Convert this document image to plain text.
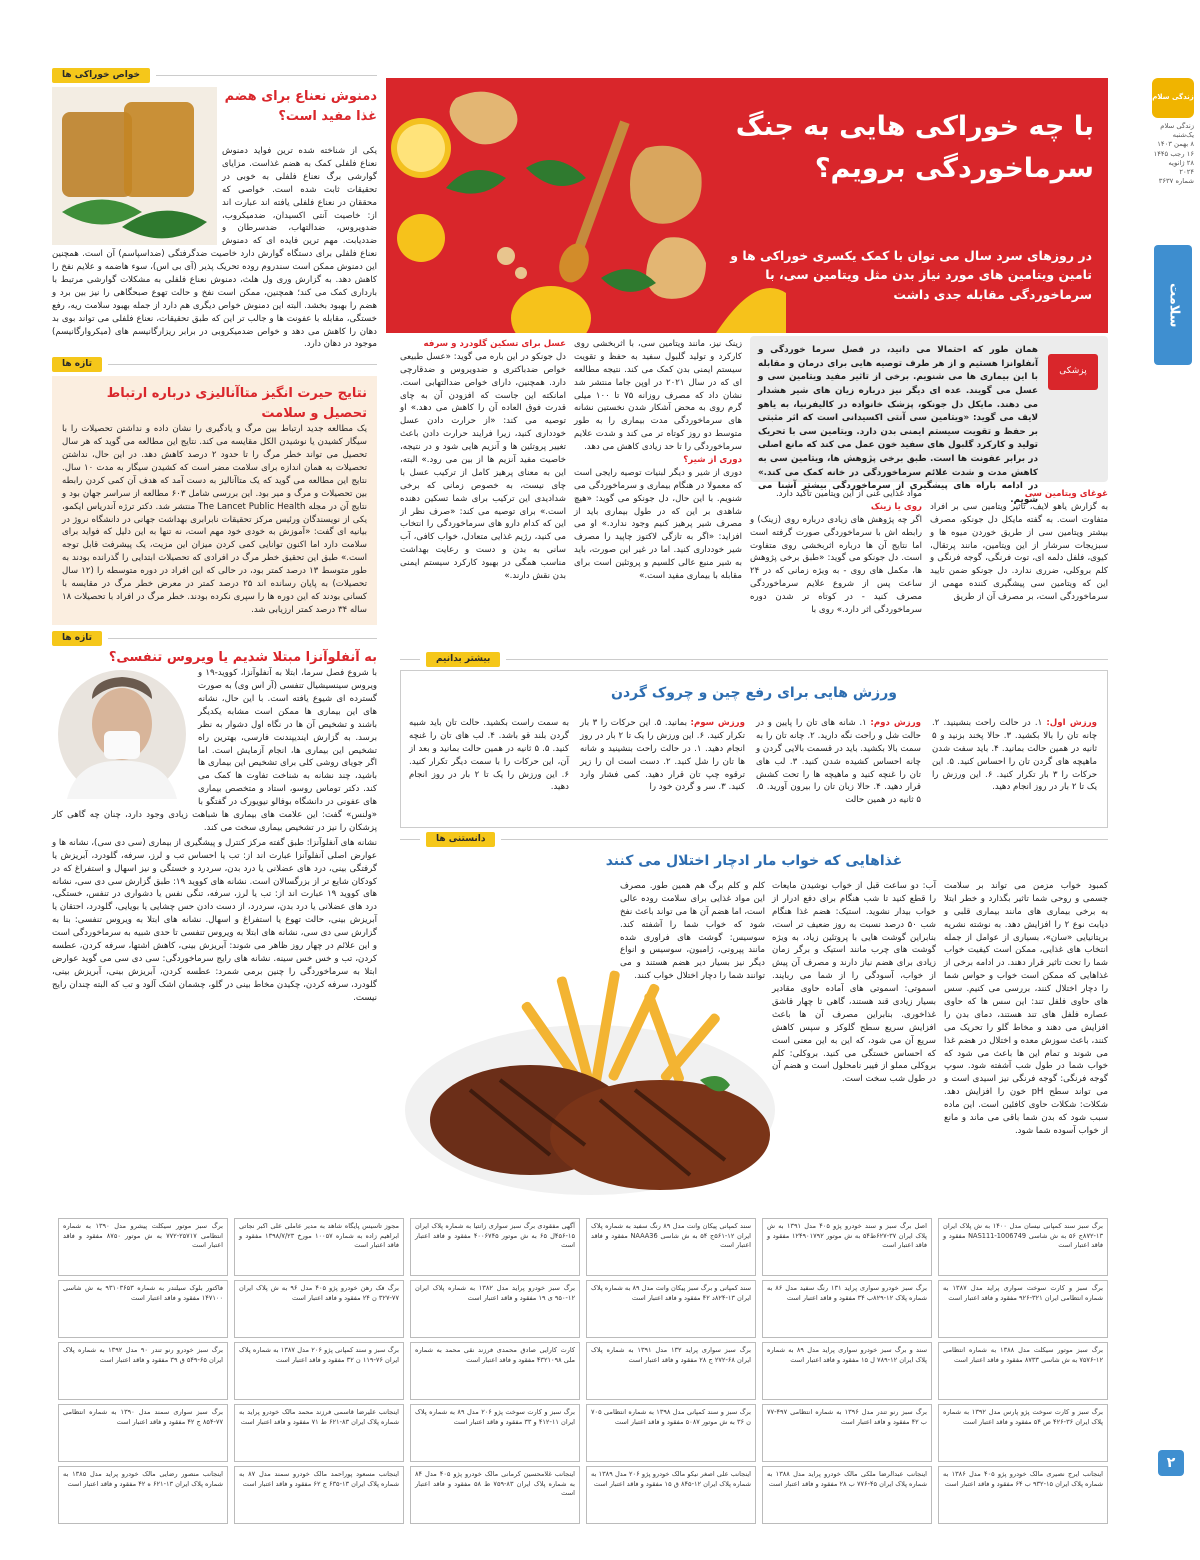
زندگی سلام
زندگی سلام
یک‌شنبه
۸ بهمن ۱۴۰۳
۱۶ رجب ۱۴۴۵
۲۸ ژانویه ۲۰۲۴
شماره ۳۶۳۷
سلامت
۲
با چه خوراکی هایی به جنگ سرماخوردگی برویم؟
در روزهای سرد سال می توان با کمک یکسری خوراکی ها و تامین ویتامین های مورد نیاز بدن مثل ویتامین سی، با سرماخوردگی مقابله جدی داشت
پزشکی

همان طور که احتمالا می دانید، در فصل سرما خوردگی و آنفلوانزا هستیم و از هر طرف توصیه هایی برای درمان و مقابله با این بیماری ها می شنویم. برخی از تاثیر مفید ویتامین سی و عسل می گویند. عده ای دیگر نیز درباره زیان های شیر هشدار می دهند. مایکل دل جونکو، پزشک خانواده در کالیفرنیا، به یاهو لایف می گوید: «ویتامین سی آنتی اکسیدانی است که اثر مثبتی بر حفظ و تقویت سیستم ایمنی بدن دارد. ویتامین سی با تحریک تولید و کارکرد گلبول های سفید خون عمل می کند که مانع اصلی در برابر عفونت ها است. طبق برخی پژوهش ها، ویتامین سی به کاهش مدت و شدت علائم سرماخوردگی در خانه کمک می کند.» در ادامه باراه های پیشگیری از سرماخوردگی بیشتر آشنا می شویم.

غوغای ویتامین سی
به گزارش یاهو لایف، تاثیر ویتامین سی بر افراد متفاوت است. به گفته مایکل دل جونکو، مصرف بیشتر ویتامین سی از طریق خوردن میوه ها و سبزیجات سرشار از این ویتامین، مانند پرتقال، کیوی، فلفل دلمه ای، توت فرنگی، گوجه فرنگی و کلم بروکلی، ضرری ندارد. دل جونکو ضمن تایید این که ویتامین سی پیشگیری کننده مهمی از سرماخوردگی است، بر مصرف آن از طریق
مواد غذایی غنی از این ویتامین تاکید دارد.
روی یا زینک
اگر چه پژوهش های زیادی درباره روی (زینک) و رابطه اش با سرماخوردگی صورت گرفته است اما نتایج آن ها درباره اثربخشی روی متفاوت است. دل جونکو می گوید: «طبق برخی پژوهش ها، مکمل های روی - به ویژه زمانی که در ۲۴ ساعت پس از شروع علایم سرماخوردگی مصرف کنید - در کوتاه تر شدن دوره سرماخوردگی اثر دارد.» روی با
زینک نیز، مانند ویتامین سی، با اثربخشی روی کارکرد و تولید گلبول سفید به حفظ و تقویت سیستم ایمنی بدن کمک می کند. نتیجه مطالعه ای که در سال ۲۰۲۱ در اوپن جاما منتشر شد نشان داد که مصرف روزانه ۷۵ تا ۱۰۰ میلی گرم روی به محض آشکار شدن نخستین نشانه های سرماخوردگی مدت بیماری را به طور متوسط دو روز کوتاه تر می کند و شدت علایم سرماخوردگی را تا حد زیادی کاهش می دهد.
دوری از شیر؟
دوری از شیر و دیگر لبنیات توصیه رایجی است که معمولا در هنگام بیماری و سرماخوردگی می شنویم. با این حال، دل جونکو می گوید: «هیچ شاهدی بر این که در طول بیماری باید از مصرف شیر پرهیز کنیم وجود ندارد.» او می افزاید: «اگر به تازگی لاکتوز چاپید را مصرف شیر خودداری کنید. اما در غیر این صورت، باید به شیر منبع عالی کلسیم و پروتئین است برای مقابله با بیماری مفید است.»
عسل برای تسکین گلودرد و سرفه
دل جونکو در این باره می گوید: «عسل طبیعی خواص ضدباکتری و ضدویروس و ضدقارچی دارد. همچنین، دارای خواص ضدالتهابی است. امانکته این جاست که افزودن آن به چای قدرت فوق العاده آن را کاهش می دهد.» او توصیه می کند: «از حرارت دادن عسل خودداری کنید، زیرا فرایند حرارت دادن باعث تغییر پروتئین ها و آنزیم هایی شود و در نتیجه، خاصیت مفید آنزیم ها از بین می رود.» البته، این به معنای پرهیز کامل از ترکیب عسل با چای نیست، به خصوص زمانی که برخی شدادیدی این ترکیب برای شما تسکین دهنده است.» برای توصیه می کند: «صرف نظر از این که کدام دارو های سرماخوردگی را انتخاب می کنید، رژیم غذایی متعادل، خواب کافی، آب سانی به بدن و دست و رعایت بهداشت مناسب همگی در بهبود کارکرد سیستم ایمنی بدن نقش دارند.»
خواص خوراکی ها
دمنوش نعناع برای هضم غذا مفید است؟
یکی از شناخته شده ترین فواید دمنوش نعناع فلفلی کمک به هضم غذاست. مزایای گوارشی برگ نعناع فلفلی به خوبی در تحقیقات ثابت شده است. خواصی که محققان در نعناع فلفلی یافته اند عبارت اند از: خاصیت آنتی اکسیدان، ضدمیکروب، ضدویروس، ضدالتهاب، ضدسرطان و ضددیابت. مهم ترین فایده ای که دمنوش نعناع فلفلی برای دستگاه گوارش دارد خاصیت ضدگرفتگی (ضداسپاسم) آن است. همچنین این دمنوش ممکن است سندروم روده تحریک پذیر (آی بی اس)، سوء هاضمه و علایم نفخ را کاهش دهد. به گزارش وری ول هلث، دمنوش نعناع فلفلی به مشکلات گوارشی مرتبط با بارداری کمک می کند؛ همچنین، ممکن است نفخ و حالت تهوع صبحگاهی را نیز بین برد و هضم را بهبود بخشد. البته این دمنوش خواص دیگری هم دارد از جمله بهبود سلامت ریه، رفع خستگی، مقابله با عفونت ها و جالب تر این که طبق تحقیقات، نعناع فلفلی می تواند بوی بد دهان را کاهش می دهد و خواص ضدمیکروبی در برابر ریزارگانیسم های (میکروارگانیسم) موجود در دهان دارد.
تازه ها
نتایج حیرت انگیز متاآنالیزی درباره ارتباط تحصیل و سلامت
یک مطالعه جدید ارتباط بین مرگ و یادگیری را نشان داده و نداشتن تحصیلات را با سیگار کشیدن یا نوشیدن الکل مقایسه می کند. نتایج این مطالعه می گوید که هر سال تحصیل می تواند خطر مرگ را تا حدود ۲ درصد کاهش دهد. در این حال، نداشتن تحصیلات به همان اندازه برای سلامت مضر است که کشیدن سیگار به مدت ۱۰ سال. نتایج این مطالعه می گوید که یک متاآنالیز به دست آمد که هدف آن کمی کردن رابطه بین تحصیلات و مرگ و میر بود. این بررسی شامل ۶۰۳ مطالعه از سراسر جهان بود و نتایج آن در مجله The Lancet Public Health منتشر شد. دکتر ترژه آندریاس ایکمو، یکی از نویسندگان ورئیس مرکز تحقیقات نابرابری بهداشت جهانی در دانشگاه نروژ در بیانیه ای گفت: «آموزش به خودی خود مهم است، نه تنها به این دلیل که فواید برای سلامت دارد اما اکنون توانایی کمی کردن میزان این مزیت، یک پیشرفت قابل توجه است.» طبق این تحقیق خطر مرگ در افرادی که تحصیلات ابتدایی را گذرانده بودند به طور متوسط ۱۳ درصد کمتر بود، در حالی که این افراد در دوره متوسطه را (۱۲ سال تحصیلات) به پایان رسانده اند ۲۵ درصد کمتر در معرض خطر مرگ در مقایسه با کسانی بودند که این دوره ها را سپری نکرده بودند. خطر مرگ در افراد با تحصیلات ۱۸ ساله ۳۴ درصد کمتر ارزیابی شد.
تازه ها
به آنفلوآنزا مبتلا شدیم یا ویروس تنفسی؟
با شروع فصل سرما، ابتلا به آنفلوآنزا، کووید-۱۹ و ویروس سینسیشیال تنفسی (آر اس وی) به صورت گسترده ای شیوع یافته است. با این حال، نشانه های این بیماری ها ممکن است مشابه یکدیگر باشند و تشخیص آن ها در نگاه اول دشوار به نظر برسد. به گزارش ایندیپندنت فارسی، بهترین راه تشخیص این بیماری ها، انجام آزمایش است. اما اگر جویای روشی کلی برای تشخیص این بیماری ها باشید، چند نشانه به شناخت تفاوت ها کمک می کند. دکتر توماس روسو، استاد و متخصص بیماری های عفونی در دانشگاه بوفالو نیویورک در گفتگو با «ولنس» گفت: این علامت های بیماری ها شباهت زیادی وجود دارد، چنان چه گاهی کار پزشکان را نیز در تشخیص بیماری سخت می کند.
نشانه های آنفلوآنزا: طبق گفته مرکز کنترل و پیشگیری از بیماری (سی دی سی)، نشانه ها و عوارض اصلی آنفلوآنزا عبارت اند از: تب یا احساس تب و لرز، سرفه، گلودرد، آبریزش یا گرفتگی بینی، درد های عضلانی یا درد بدن، سردرد و خستگی و نیز اسهال و استفراغ که در کودکان شایع تر از بزرگسالان است. نشانه های کووید ۱۹: طبق گزارش سی دی سی، نشانه های کووید ۱۹ عبارت اند از: تب یا لرز، سرفه، تنگی نفس یا دشواری در تنفس، خستگی، درد های عضلانی یا درد بدن، سردرد، از دست دادن حس چشایی یا بویایی، گلودرد، احتقان یا آبریزش بینی، حالت تهوع یا استفراغ و اسهال. نشانه های ابتلا به ویروس تنفسی: بنا به گزارش سی دی سی، نشانه های ابتلا به ویروس تنفسی تا حدی شبیه به سرماخوردگی است و این علائم در چهار روز ظاهر می شوند: آبریزش بینی، کاهش اشتها، سرفه کردن، عطسه کردن، تب و خس خس سینه. نشانه های رایج سرماخوردگی: سی دی سی می گوید عوارض ابتلا به سرماخوردگی را چنین برمی شمرد: عطسه کردن، آبریزش بینی، آبریزش بینی، گلودرد، سرفه کردن، چکیدن مخاط بینی در گلو، چشمان اشک آلود و تب که البته چندان رایج نیست.
بیشتر بدانیم
ورزش هایی برای رفع چین و چروک گردن
ورزش اول: ۱. در حالت راحت بنشینید. ۲. چانه تان را بالا بکشید. ۳. حالا پخند بزنید و ۵ ثانیه در همین حالت بمانید. ۴. باید سفت شدن ماهیچه های گردن تان را احساس کنید. ۵. این حرکات را ۳ بار تکرار کنید. ۶. این ورزش را یک تا ۲ بار در روز انجام دهید.
ورزش دوم: ۱. شانه های تان را پایین و در حالت شل و راحت نگه دارید. ۲. چانه تان را به سمت بالا بکشید. باید در قسمت بالایی گردن و چانه احساس کشیده شدن کنید. ۳. لب های تان را غنچه کنید و ماهیچه ها را تحت کشش قرار دهید. ۴. حالا زبان تان را بیرون آورید. ۵. ۵ ثانیه در همین حالت
ورزش سوم: بمانید. ۵. این حرکات را ۳ بار تکرار کنید. ۶. این ورزش را یک تا ۲ بار در روز انجام دهید. ۱. در حالت راحت بنشینید و شانه ها تان را شل کنید. ۲. دست است ان را زیر ترقوه چپ تان قرار دهید. کمی فشار وارد کنید. ۳. سر و گردن خود را
به سمت راست بکشید. حالت تان باید شبیه گردن بلند قو باشد. ۴. لب های تان را غنچه کنید. ۵. ۵ ثانیه در همین حالت بمانید و بعد از آن، این حرکات را با سمت دیگر تکرار کنید. ۶. این ورزش را یک تا ۲ بار در روز انجام دهید.
دانستنی ها
غذاهایی که خواب مار ادچار اختلال می کنند
کمبود خواب مزمن می تواند بر سلامت جسمی و روحی شما تاثیر بگذارد و خطر ابتلا به برخی بیماری های مانند بیماری قلبی و دیابت نوع ۲ را افزایش دهد. به نوشته نشریه بریتانیایی «سان»، بسیاری از عوامل از جمله انتخاب های غذایی، ممکن است کیفیت خواب شما را تحت تاثیر قرار دهند. در ادامه برخی از غذاهایی که ممکن است خواب و حواس شما را دچار اختلال کنند، بررسی می کنیم. سس های حاوی فلفل تند: این سس ها که حاوی عصاره فلفل های تند هستند، دمای بدن را افزایش می دهند و مخاط گلو را تحریک می کنند، باعث سوزش معده و اختلال در هضم غذا می شوند و تمام این ها باعث می شود که خواب شما در طول شب آشفته شود. سوپ گوجه فرنگی: گوجه فرنگی نیز اسیدی است و می تواند سطح pH خون را افزایش دهد. شکلات: شکلات حاوی کافئین است. این ماده سبب شود که بدن شما باقی می ماند و مانع از خواب آسوده شما شود.
آب: دو ساعت قبل از خواب نوشیدن مایعات را قطع کنید تا شب هنگام برای دفع ادرار از خواب بیدار نشوید. استیک: هضم غذا هنگام شب ۵۰ درصد نسبت به روز ضعیف تر است، بنابراین گوشت هایی با پروتئین زیاد، به ویژه گوشت های چرب مانند استیک و برگر زمان زیادی برای هضم نیاز دارند و مصرف آن پیش از خواب، آسودگی را از شما می ربایند. اسموتی: اسموتی های آماده حاوی مقادیر بسیار زیادی قند هستند، گاهی تا چهار قاشق غذاخوری. بنابراین مصرف آن ها باعث افزایش سریع سطح گلوکز و سپس کاهش سریع آن می شود، که این به این معنی است که احساس خستگی می کنید. بروکلی: کلم بروکلی مملو از فیبر نامحلول است و هضم آن در طول شب سخت است.
کلم و کلم برگ هم همین طور. مصرف این مواد غذایی برای سلامت روده عالی است، اما هضم آن ها می تواند باعث نفخ شود که خواب شما را آشفته کند. سوسیس: گوشت های فراوری شده مانند پپرونی، ژامبون، سوسیس و انواع دیگر نیز بسیار دیر هضم هستند و می توانند شما را دچار اختلال خواب کنند.
برگ سبز سند کمپانی نیسان مدل ۱۴۰۰ به ش پلاک ایران ۱۳-۸۷۲ج ۵۶ به ش شاسی NAS111-1006749 مفقود و فاقد اعتبار است
اصل برگ سبز و سند خودرو پژو ۴۰۵ مدل ۱۳۹۱ به ش پلاک ایران ۳۷-۶۲۷ط۵۴ به ش موتور ۱۲۴۹۰۱۷۹۲ مفقود و فاقد اعتبار است
سند کمپانی پیکان وانت مدل ۸۹ رنگ سفید به شماره پلاک ایران ۱۲-۵۶۱ج ۵۴ به ش شاسی NAAA36 مفقود و فاقد اعتبار است
آگهی مفقودی برگ سبز سواری زانتیا به شماره پلاک ایران ۱۵-۴۵۶ل ۶۵ به ش موتور ۴۰۰۶۷۴۵ مفقود و فاقد اعتبار است
مجوز تاسیس پایگاه شاهد به مدیر عاملی علی اکبر نجاتی ابراهیم زاده به شماره ۱۰۰۵۷ مورخ ۱۳۹۸/۷/۲۳ مفقود و فاقد اعتبار است
برگ سبز موتور سیکلت پیشرو مدل ۱۳۹۰ به شماره انتظامی ۲۵۷۱۷-۷۷۲ به ش موتور ۸۷۵۰ مفقود و فاقد اعتبار است
برگ سبز و کارت سوخت سواری پراید مدل ۱۳۸۷ به شماره انتظامی ایران ۳۲۱-۹۲۶ مفقود و فاقد اعتبار است
برگ سبز خودرو سواری پراید ۱۳۱ رنگ سفید مدل ۸۶ به شماره پلاک ۱۲-۸۲۹ب ۳۴ مفقود و فاقد اعتبار است
سند کمپانی و برگ سبز پیکان وانت مدل ۸۹ به شماره پلاک ایران ۱۳-۸۲۴د ۴۲ مفقود و فاقد اعتبار است
برگ سبز خودرو پراید مدل ۱۳۸۲ به شماره پلاک ایران ۱۲-۹۵۰ ی ۱۹ مفقود و فاقد اعتبار است
برگ فک رهن خودرو پژو ۴۰۵ مدل ۹۶ به ش پلاک ایران ۷۷-۳۲۷ ن ۲۴ مفقود و فاقد اعتبار است
فاکتور بلوک سیلندر به شماره ۹۳۱۰۳۶۵۳ به ش شاسی ۱۴۷۱۰۰ مفقود و فاقد اعتبار است
برگ سبز موتور سیکلت مدل ۱۳۸۸ به شماره انتظامی ۱۲-۷۵۷۶ به ش شاسی ۸۷۳۳ مفقود و فاقد اعتبار است
سند و برگ سبز خودرو سواری پراید مدل ۸۹ به شماره پلاک ایران ۱۲-۷۸۹ ل ۱۵ مفقود و فاقد اعتبار است
برگ سبز سواری پراید ۱۳۲ مدل ۱۳۹۱ به شماره پلاک ایران ۶۸-۲۷۲ ج ۲۸ مفقود و فاقد اعتبار است
کارت کارایی صادق محمدی فرزند نقی محمد به شماره ملی ۴۳۲۱۰۹۸ مفقود و فاقد اعتبار است
برگ سبز و سند کمپانی پژو ۲۰۶ مدل ۱۳۸۷ به شماره پلاک ایران ۷۶-۱۱۹ ن ۳۲ مفقود و فاقد اعتبار است
برگ سبز خودرو رنو تندر ۹۰ مدل ۱۳۹۲ به شماره پلاک ایران ۶۵-۵۴۹ ق ۳۹ مفقود و فاقد اعتبار است
برگ سبز و کارت سوخت پژو پارس مدل ۱۳۹۲ به شماره پلاک ایران ۳۶-۴۲۶ ص ۵۴ مفقود و فاقد اعتبار است
برگ سبز رنو تندر مدل ۱۳۹۶ به شماره انتظامی ۴۹۷-۷۷ ب ۴۲ مفقود و فاقد اعتبار است
برگ سبز و سند کمپانی مدل ۱۳۹۸ به شماره انتظامی ۷۰۵ ن ۳۶ به ش موتور ۵۰۸۷ مفقود و فاقد اعتبار است
برگ سبز و کارت سوخت پژو ۲۰۶ مدل ۸۹ به شماره پلاک ایران ۱۱-۴۱۲ و ۳۳ مفقود و فاقد اعتبار است
اینجانب علیرضا قاسمی فرزند محمد مالک خودرو پراید به شماره پلاک ایران ۸۳-۶۲۱ ط ۷۱ مفقود و فاقد اعتبار است
برگ سبز سواری سمند مدل ۱۳۹۰ به شماره انتظامی ۷۷-۸۵۴ ج ۴۲ مفقود و فاقد اعتبار است
اینجانب ایرج نصیری مالک خودرو پژو ۴۰۵ مدل ۱۳۸۶ به شماره پلاک ایران ۱۵-۹۳۲ ب ۶۴ مفقود و فاقد اعتبار است
اینجانب عبدالرضا ملکی مالک خودرو پراید مدل ۱۳۸۸ به شماره پلاک ایران ۴۵-۷۷۶ ب ۲۸ مفقود و فاقد اعتبار است
اینجانب علی اصغر نیکو مالک خودرو پژو ۲۰۶ مدل ۱۳۸۹ به شماره پلاک ایران ۱۲-۸۴۵ ق ۱۵ مفقود و فاقد اعتبار است
اینجانب غلامحسین کرمانی مالک خودرو پژو ۴۰۵ مدل ۸۴ به شماره پلاک ایران ۸۳-۷۵۹ ط ۵۸ مفقود و فاقد اعتبار است
اینجانب مسعود پوراحمد مالک خودرو سمند مدل ۸۷ به شماره پلاک ایران ۱۳-۶۳۵ ج ۶۲ مفقود و فاقد اعتبار است
اینجانب منصور رضایی مالک خودرو پراید مدل ۱۳۸۵ به شماره پلاک ایران ۱۳-۶۲۱ ه ۴۲ مفقود و فاقد اعتبار است
